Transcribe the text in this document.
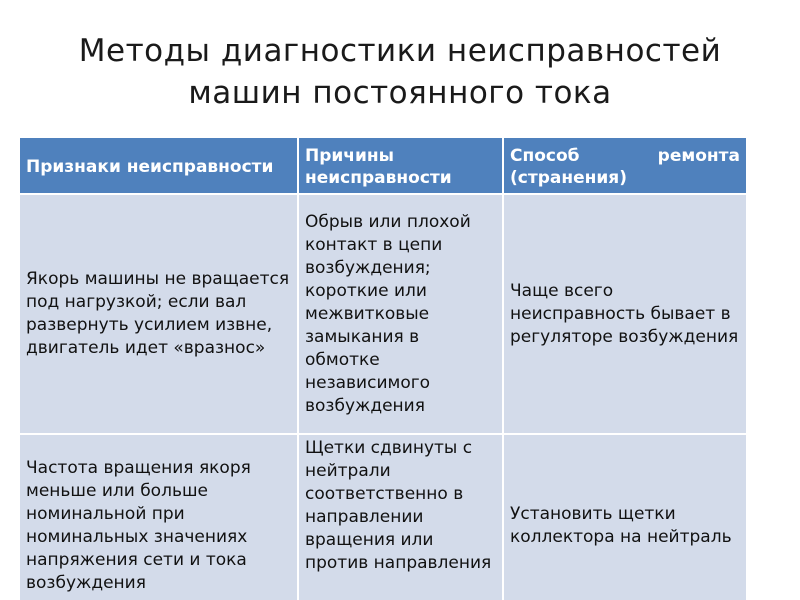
Методы диагностики неисправностей
машин постоянного тока
Признаки неисправности	Причины неисправности	Способ ремонта (странения)
Якорь машины не вращается под нагрузкой; если вал развернуть усилием извне, двигатель идет «вразнос»	Обрыв или плохой контакт в цепи возбуждения; короткие или межвитковые замыкания в обмотке независимого возбуждения	Чаще всего неисправность бывает в регуляторе возбуждения
Частота вращения якоря меньше или больше номинальной при номинальных значениях напряжения сети и тока возбуждения	Щетки сдвинуты с нейтрали соответственно в направлении вращения или против направления	Установить щетки коллектора на нейтраль
